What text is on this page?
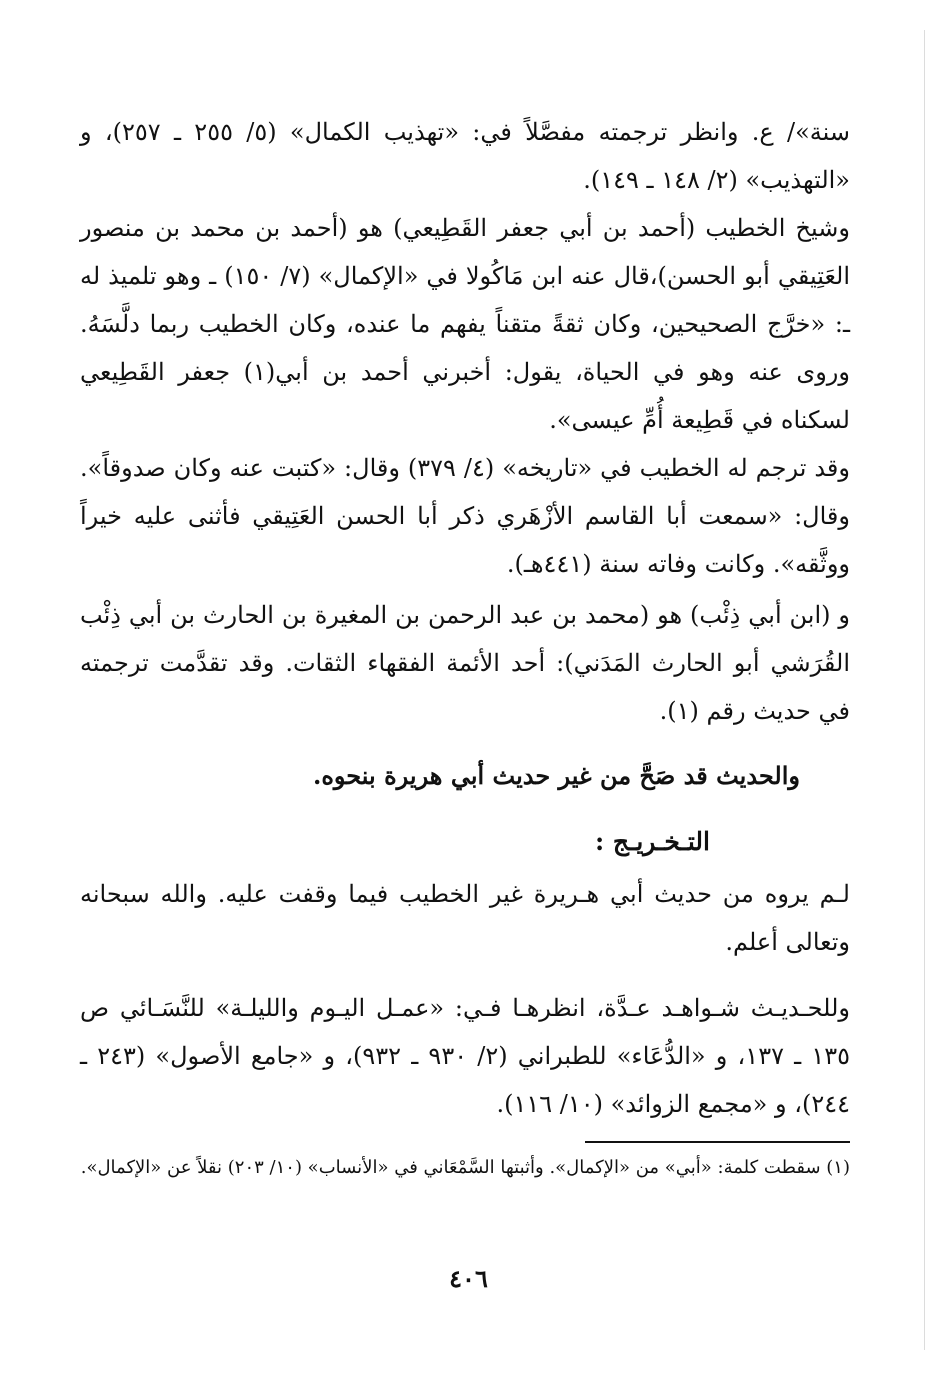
سنة»/ ع. وانظر ترجمته مفصَّلاً في: «تهذيب الكمال» (٥/ ٢٥٥ ـ ٢٥٧)، و «التهذيب» (٢/ ١٤٨ ـ ١٤٩).

وشيخ الخطيب (أحمد بن أبي جعفر القَطِيعي) هو (أحمد بن محمد بن منصور العَتِيقي أبو الحسن)،قال عنه ابن مَاكُولا في «الإكمال» (٧/ ١٥٠) ـ وهو تلميذ له ـ: «خرَّج الصحيحين، وكان ثقةً متقناً يفهم ما عنده، وكان الخطيب ربما دلَّسَهُ. وروى عنه وهو في الحياة، يقول: أخبرني أحمد بن أبي(١) جعفر القَطِيعي لسكناه في قَطِيعة أُمِّ عيسى».

وقد ترجم له الخطيب في «تاريخه» (٤/ ٣٧٩) وقال: «كتبت عنه وكان صدوقاً». وقال: «سمعت أبا القاسم الأزْهَري ذكر أبا الحسن العَتِيقي فأثنى عليه خيراً ووثَّقه». وكانت وفاته سنة (٤٤١هـ).

و (ابن أبي ذِئْب) هو (محمد بن عبد الرحمن بن المغيرة بن الحارث بن أبي ذِئْب القُرَشي أبو الحارث المَدَني): أحد الأئمة الفقهاء الثقات. وقد تقدَّمت ترجمته في حديث رقم (١).

والحديث قد صَحَّ من غير حديث أبي هريرة بنحوه.

التـخـريـج :

لـم يروه من حديث أبي هـريرة غير الخطيب فيما وقفت عليه. والله سبحانه وتعالى أعلم.

وللحـديـث شـواهـد عـدَّة، انظرهـا فـي: «عمـل اليـوم والليلـة» للنَّسَـائي ص ١٣٥ ـ ١٣٧، و «الدُّعَاء» للطبراني (٢/ ٩٣٠ ـ ٩٣٢)، و «جامع الأصول» (٢٤٣ ـ ٢٤٤)، و «مجمع الزوائد» (١٠/ ١١٦).

(١) سقطت كلمة: «أبي» من «الإكمال». وأثبتها السَّمْعَاني في «الأنساب» (١٠/ ٢٠٣) نقلاً عن «الإكمال».

٤٠٦
